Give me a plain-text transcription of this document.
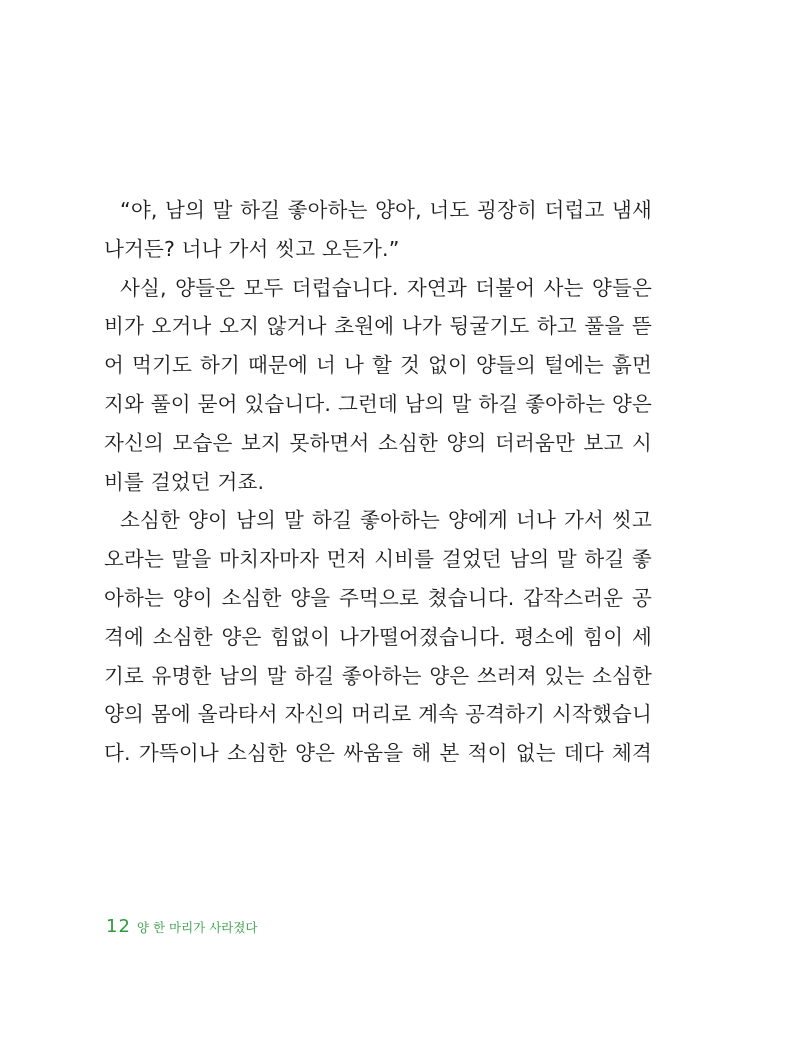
“야, 남의 말 하길 좋아하는 양아, 너도 굉장히 더럽고 냄새
나거든? 너나 가서 씻고 오든가.”
사실, 양들은 모두 더럽습니다. 자연과 더불어 사는 양들은
비가 오거나 오지 않거나 초원에 나가 뒹굴기도 하고 풀을 뜯
어 먹기도 하기 때문에 너 나 할 것 없이 양들의 털에는 흙먼
지와 풀이 묻어 있습니다. 그런데 남의 말 하길 좋아하는 양은
자신의 모습은 보지 못하면서 소심한 양의 더러움만 보고 시
비를 걸었던 거죠.
소심한 양이 남의 말 하길 좋아하는 양에게 너나 가서 씻고
오라는 말을 마치자마자 먼저 시비를 걸었던 남의 말 하길 좋
아하는 양이 소심한 양을 주먹으로 쳤습니다. 갑작스러운 공
격에 소심한 양은 힘없이 나가떨어졌습니다. 평소에 힘이 세
기로 유명한 남의 말 하길 좋아하는 양은 쓰러져 있는 소심한
양의 몸에 올라타서 자신의 머리로 계속 공격하기 시작했습니
다. 가뜩이나 소심한 양은 싸움을 해 본 적이 없는 데다 체격
12 양 한 마리가 사라졌다
